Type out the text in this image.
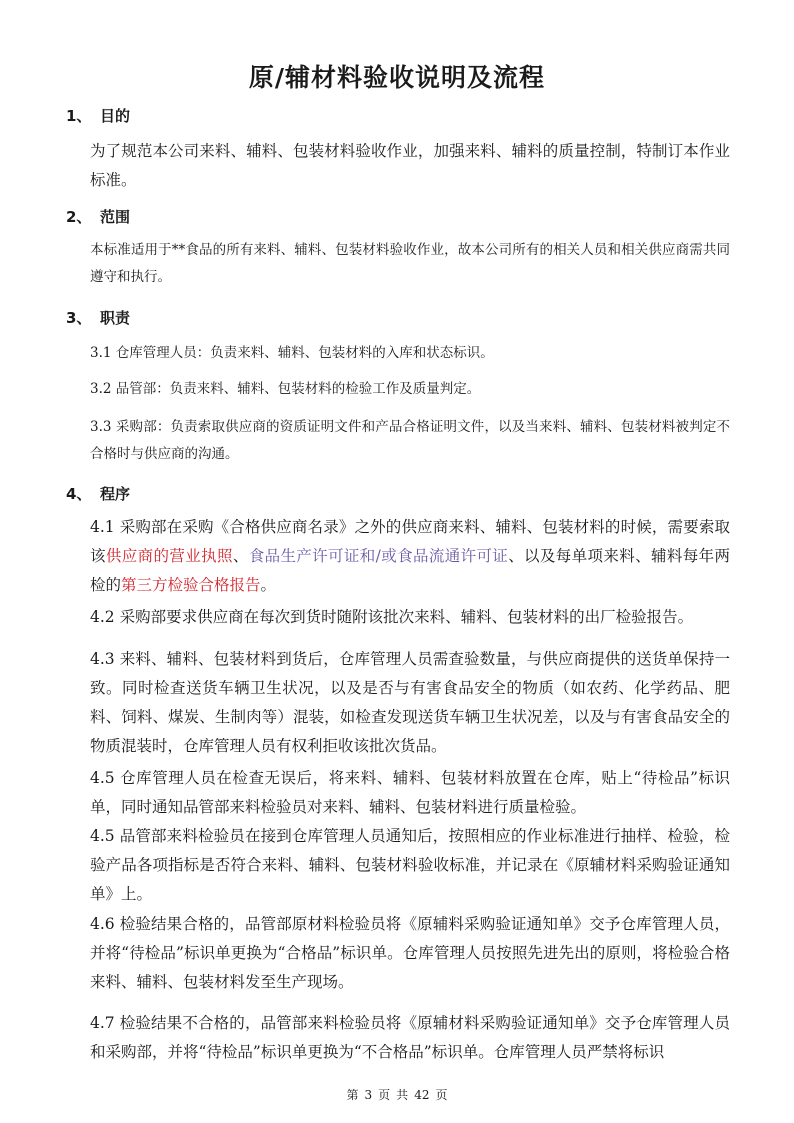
原/辅材料验收说明及流程
1、 目的

为了规范本公司来料、辅料、包装材料验收作业，加强来料、辅料的质量控制，特制订本作业标准。

2、 范围

本标准适用于**食品的所有来料、辅料、包装材料验收作业，故本公司所有的相关人员和相关供应商需共同遵守和执行。

3、 职责

3.1 仓库管理人员：负责来料、辅料、包装材料的入库和状态标识。

3.2 品管部：负责来料、辅料、包装材料的检验工作及质量判定。

3.3 采购部：负责索取供应商的资质证明文件和产品合格证明文件，以及当来料、辅料、包装材料被判定不合格时与供应商的沟通。

4、 程序

4.1 采购部在采购《合格供应商名录》之外的供应商来料、辅料、包装材料的时候，需要索取该供应商的营业执照、食品生产许可证和/或食品流通许可证、以及每单项来料、辅料每年两检的第三方检验合格报告。

4.2 采购部要求供应商在每次到货时随附该批次来料、辅料、包装材料的出厂检验报告。

4.3 来料、辅料、包装材料到货后，仓库管理人员需查验数量，与供应商提供的送货单保持一致。同时检查送货车辆卫生状况，以及是否与有害食品安全的物质（如农药、化学药品、肥料、饲料、煤炭、生制肉等）混装，如检查发现送货车辆卫生状况差，以及与有害食品安全的物质混装时，仓库管理人员有权利拒收该批次货品。

4.5 仓库管理人员在检查无误后，将来料、辅料、包装材料放置在仓库，贴上“待检品”标识单，同时通知品管部来料检验员对来料、辅料、包装材料进行质量检验。

4.5 品管部来料检验员在接到仓库管理人员通知后，按照相应的作业标准进行抽样、检验，检验产品各项指标是否符合来料、辅料、包装材料验收标准，并记录在《原辅材料采购验证通知单》上。

4.6 检验结果合格的，品管部原材料检验员将《原辅料采购验证通知单》交予仓库管理人员，并将“待检品”标识单更换为“合格品”标识单。仓库管理人员按照先进先出的原则，将检验合格来料、辅料、包装材料发至生产现场。

4.7 检验结果不合格的，品管部来料检验员将《原辅材料采购验证通知单》交予仓库管理人员和采购部，并将“待检品”标识单更换为“不合格品”标识单。仓库管理人员严禁将标识

第 3 页 共 42 页
